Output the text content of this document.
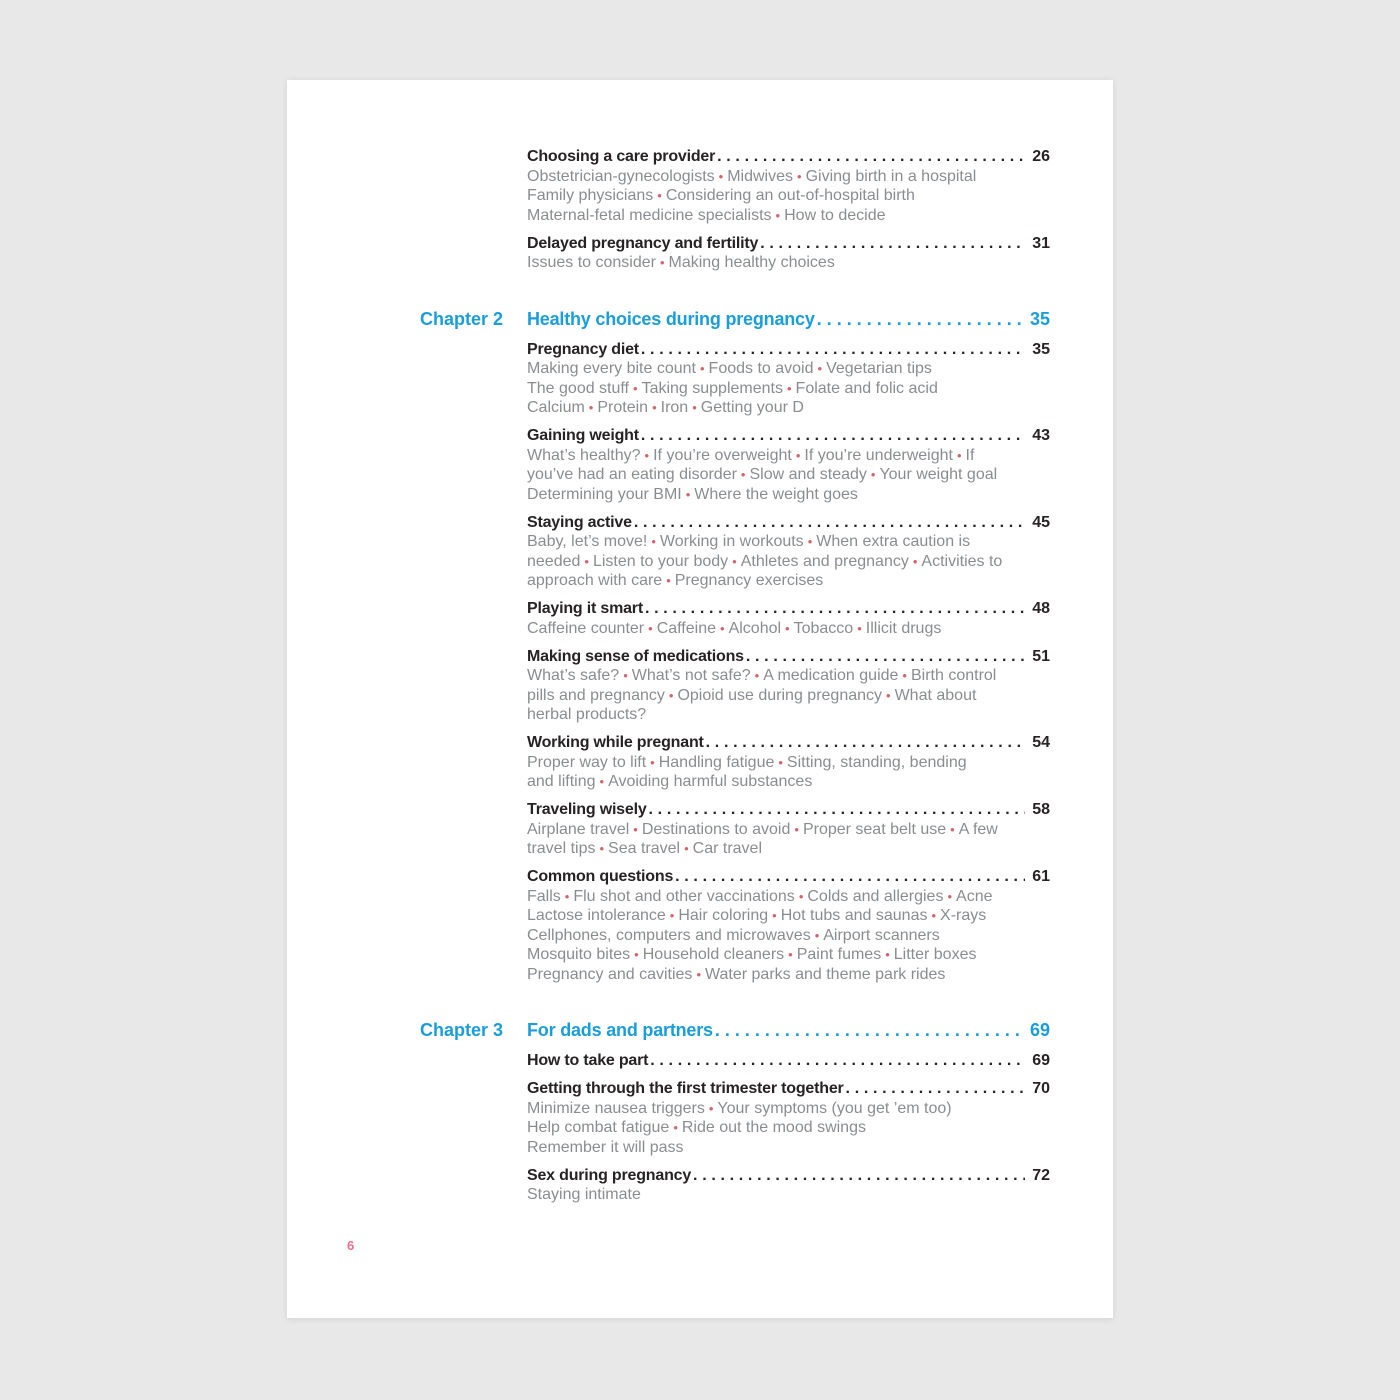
Choosing a care provider .....	26
Obstetrician-gynecologists • Midwives • Giving birth in a hospital
Family physicians • Considering an out-of-hospital birth
Maternal-fetal medicine specialists • How to decide
Delayed pregnancy and fertility .....	31
Issues to consider • Making healthy choices
Chapter 2 Healthy choices during pregnancy .....	35
Pregnancy diet .....	35
Making every bite count • Foods to avoid • Vegetarian tips
The good stuff • Taking supplements • Folate and folic acid
Calcium • Protein • Iron • Getting your D
Gaining weight .....	43
What’s healthy? • If you’re overweight • If you’re underweight • If
you’ve had an eating disorder • Slow and steady • Your weight goal
Determining your BMI • Where the weight goes
Staying active .....	45
Baby, let’s move! • Working in workouts • When extra caution is
needed • Listen to your body • Athletes and pregnancy • Activities to
approach with care • Pregnancy exercises
Playing it smart .....	48
Caffeine counter • Caffeine • Alcohol • Tobacco • Illicit drugs
Making sense of medications .....	51
What’s safe? • What’s not safe? • A medication guide • Birth control
pills and pregnancy • Opioid use during pregnancy • What about
herbal products?
Working while pregnant .....	54
Proper way to lift • Handling fatigue • Sitting, standing, bending
and lifting • Avoiding harmful substances
Traveling wisely .....	58
Airplane travel • Destinations to avoid • Proper seat belt use • A few
travel tips • Sea travel • Car travel
Common questions .....	61
Falls • Flu shot and other vaccinations • Colds and allergies • Acne
Lactose intolerance • Hair coloring • Hot tubs and saunas • X-rays
Cellphones, computers and microwaves • Airport scanners
Mosquito bites • Household cleaners • Paint fumes • Litter boxes
Pregnancy and cavities • Water parks and theme park rides
Chapter 3 For dads and partners .....	69
How to take part .....	69
Getting through the first trimester together .....	70
Minimize nausea triggers • Your symptoms (you get ’em too)
Help combat fatigue • Ride out the mood swings
Remember it will pass
Sex during pregnancy .....	72
Staying intimate
6
